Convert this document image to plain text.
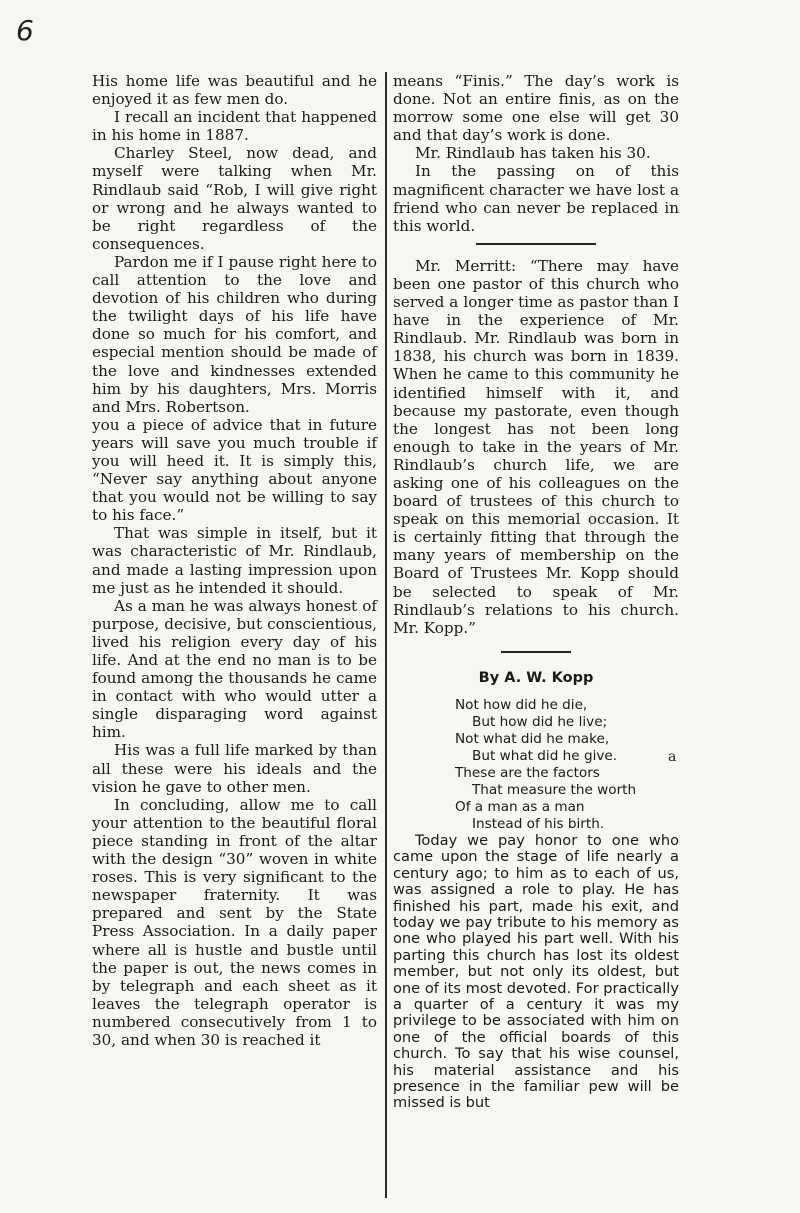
6

His home life was beautiful and he enjoyed it as few men do.

I recall an incident that happened in his home in 1887.

Charley Steel, now dead, and myself were talking when Mr. Rindlaub said “Rob, I will give right or wrong and he always wanted to be right regardless of the consequences.

Pardon me if I pause right here to call attention to the love and devotion of his children who during the twilight days of his life have done so much for his comfort, and especial mention should be made of the love and kindnesses extended him by his daughters, Mrs. Morris and Mrs. Robertson.

you a piece of advice that in future years will save you much trouble if you will heed it. It is simply this, “Never say anything about anyone that you would not be willing to say to his face.”

That was simple in itself, but it was characteristic of Mr. Rindlaub, and made a lasting impression upon me just as he intended it should.

As a man he was always honest of purpose, decisive, but conscientious, lived his religion every day of his life. And at the end no man is to be found among the thousands he came in contact with who would utter a single disparaging word against him.

His was a full life marked by than all these were his ideals and the vision he gave to other men.

In concluding, allow me to call your attention to the beautiful floral piece standing in front of the altar with the design “30” woven in white roses. This is very significant to the newspaper fraternity. It was prepared and sent by the State Press Association. In a daily paper where all is hustle and bustle until the paper is out, the news comes in by telegraph and each sheet as it leaves the telegraph operator is numbered consecutively from 1 to 30, and when 30 is reached it

means “Finis.” The day’s work is done. Not an entire finis, as on the morrow some one else will get 30 and that day’s work is done.

Mr. Rindlaub has taken his 30.

In the passing on of this magnificent character we have lost a friend who can never be replaced in this world.

Mr. Merritt: “There may have been one pastor of this church who served a longer time as pastor than I have in the experience of Mr. Rindlaub. Mr. Rindlaub was born in 1838, his church was born in 1839. When he came to this community he identified himself with it, and because my pastorate, even though the longest has not been long enough to take in the years of Mr. Rindlaub’s church life, we are asking one of his colleagues on the board of trustees of this church to speak on this memorial occasion. It is certainly fitting that through the many years of membership on the Board of Trustees Mr. Kopp should be selected to speak of Mr. Rindlaub’s relations to his church. Mr. Kopp.”

By A. W. Kopp
Not how did he die,
But how did he live;
Not what did he make,
But what did he give.
These are the factors
That measure the worth
Of a man as a man
Instead of his birth.

Today we pay honor to one who came upon the stage of life nearly a century ago; to him as to each of us, was assigned a role to play. He has finished his part, made his exit, and today we pay tribute to his memory as one who played his part well. With his parting this church has lost its oldest member, but not only its oldest, but one of its most devoted. For practically a quarter of a century it was my privilege to be associated with him on one of the official boards of this church. To say that his wise counsel, his material assistance and his presence in the familiar pew will be missed is but

a
